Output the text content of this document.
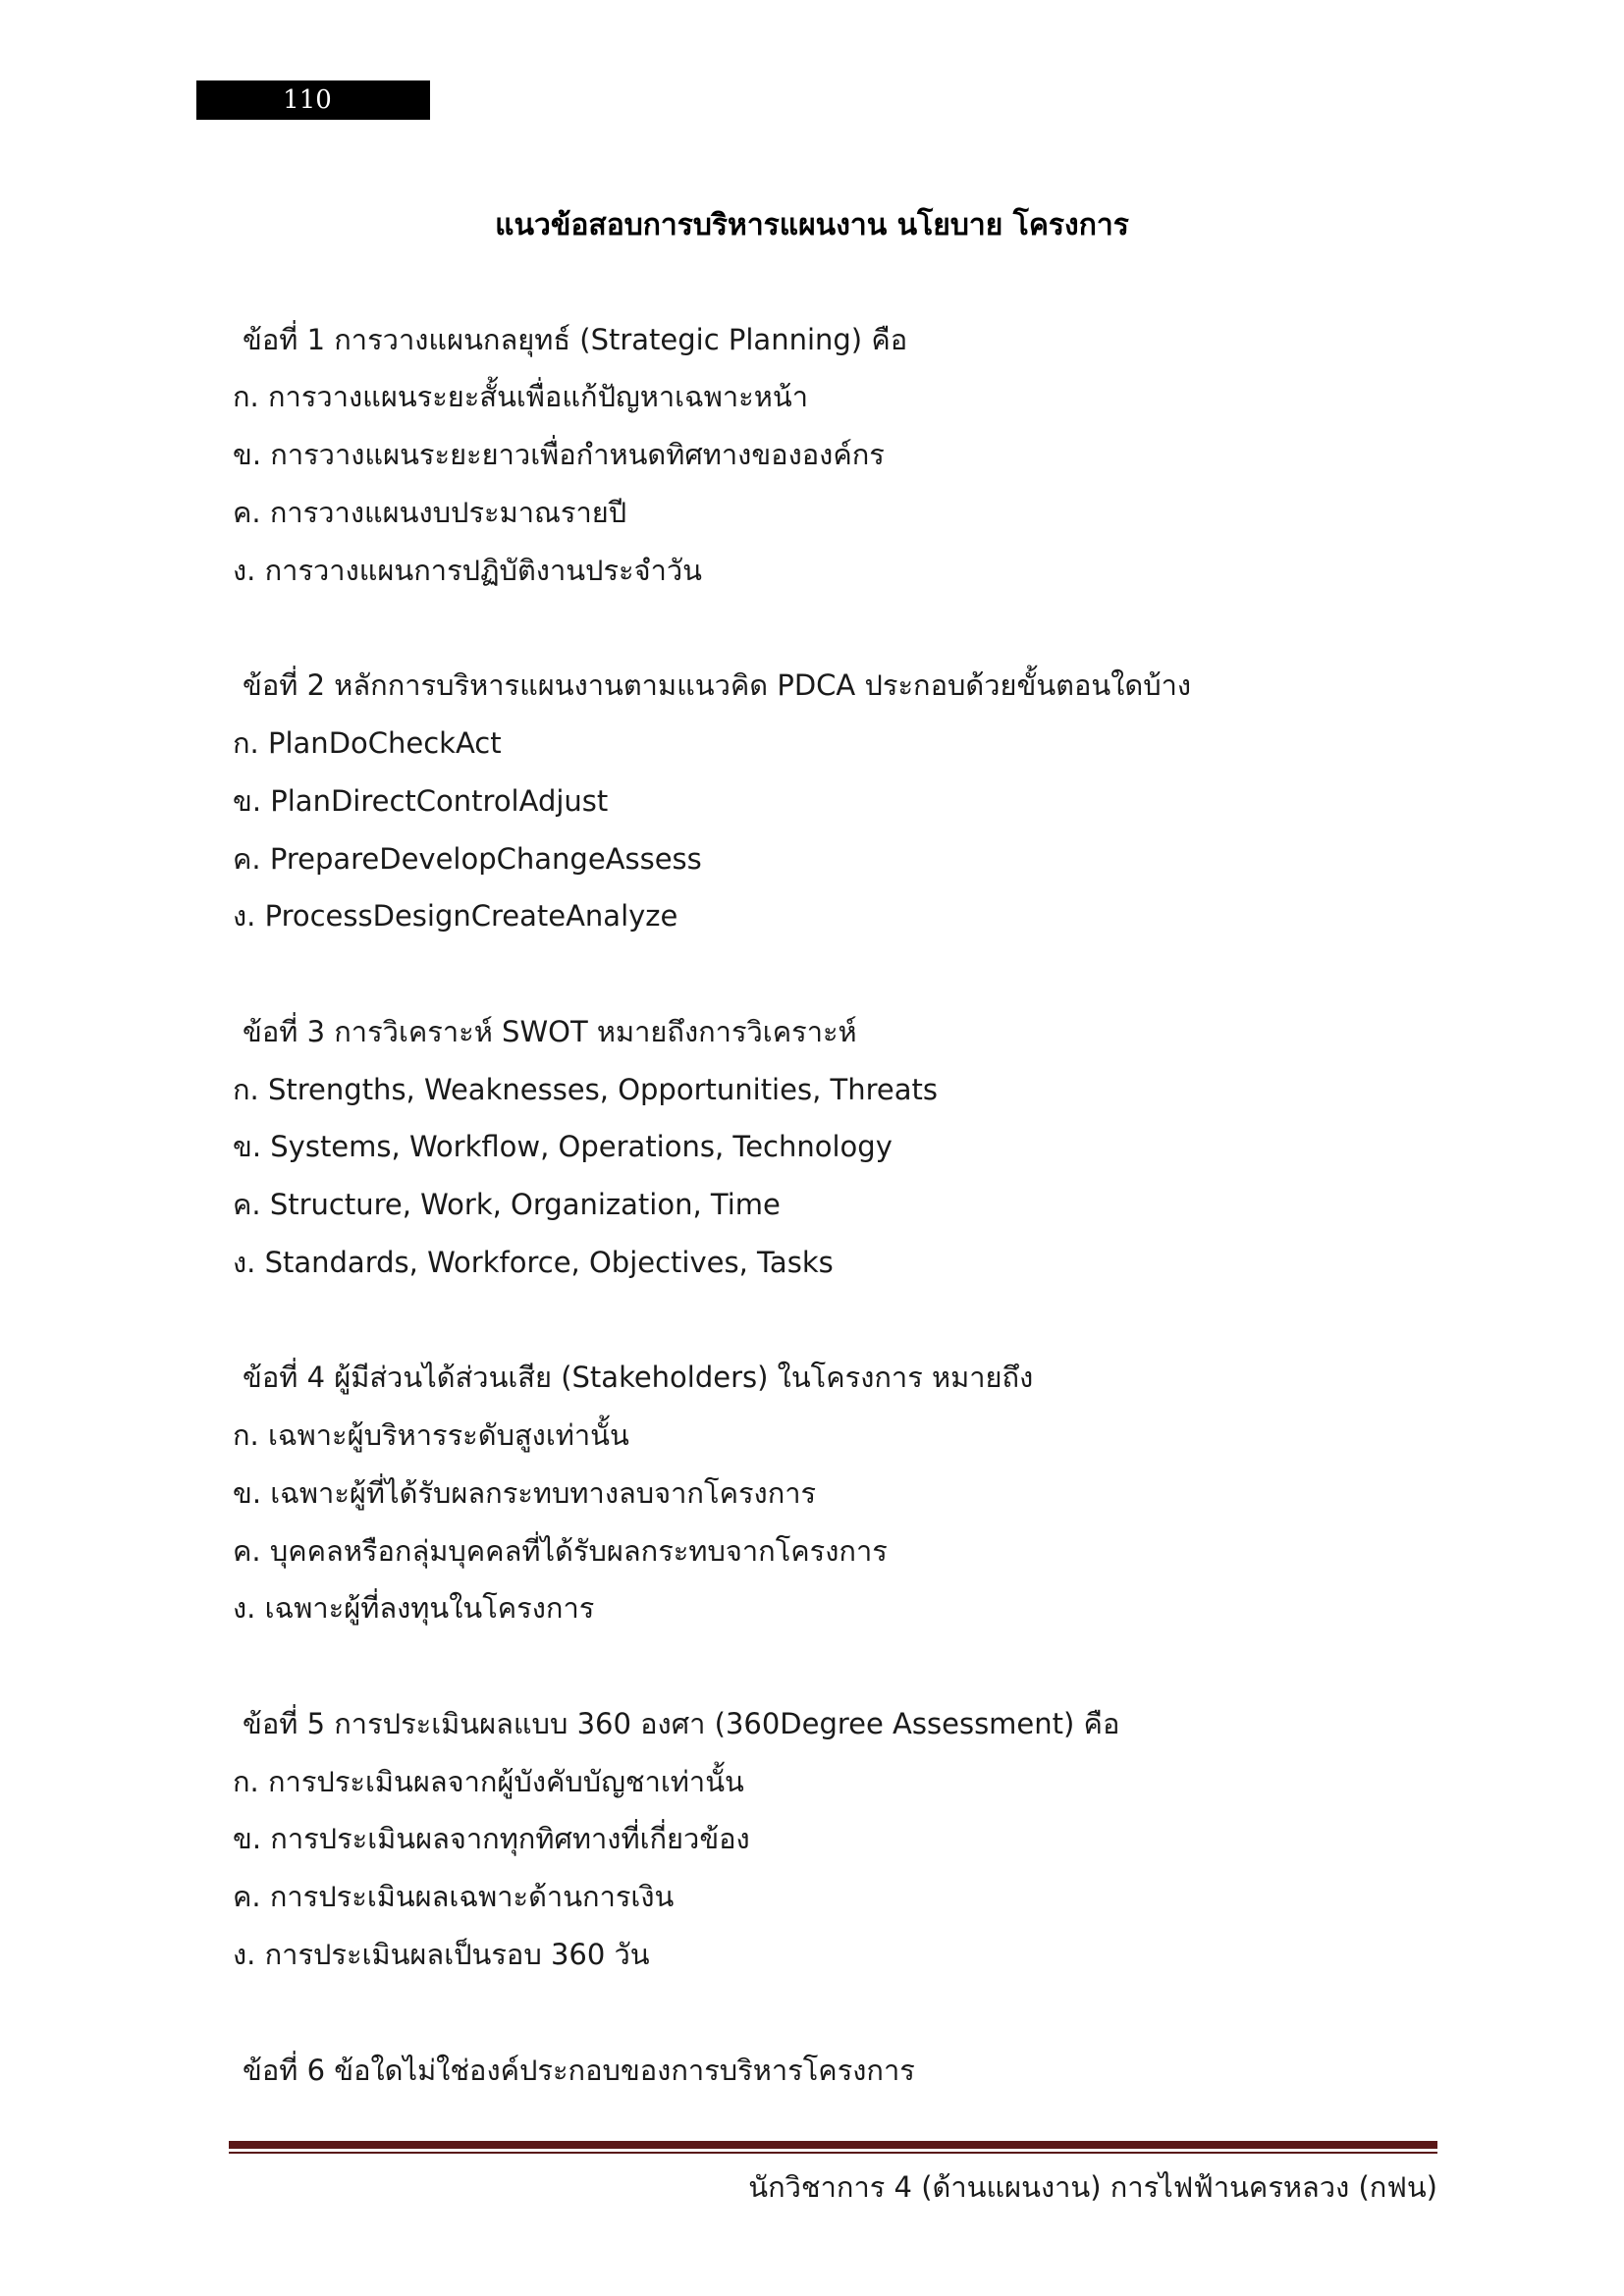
110
แนวข้อสอบการบริหารแผนงาน นโยบาย โครงการ
ข้อที่ 1 การวางแผนกลยุทธ์ (Strategic Planning) คือ
ก. การวางแผนระยะสั้นเพื่อแก้ปัญหาเฉพาะหน้า
ข. การวางแผนระยะยาวเพื่อกำหนดทิศทางขององค์กร
ค. การวางแผนงบประมาณรายปี
ง. การวางแผนการปฏิบัติงานประจำวัน
ข้อที่ 2 หลักการบริหารแผนงานตามแนวคิด PDCA ประกอบด้วยขั้นตอนใดบ้าง
ก. PlanDoCheckAct
ข. PlanDirectControlAdjust
ค. PrepareDevelopChangeAssess
ง. ProcessDesignCreateAnalyze
ข้อที่ 3 การวิเคราะห์ SWOT หมายถึงการวิเคราะห์
ก. Strengths, Weaknesses, Opportunities, Threats
ข. Systems, Workflow, Operations, Technology
ค. Structure, Work, Organization, Time
ง. Standards, Workforce, Objectives, Tasks
ข้อที่ 4 ผู้มีส่วนได้ส่วนเสีย (Stakeholders) ในโครงการ หมายถึง
ก. เฉพาะผู้บริหารระดับสูงเท่านั้น
ข. เฉพาะผู้ที่ได้รับผลกระทบทางลบจากโครงการ
ค. บุคคลหรือกลุ่มบุคคลที่ได้รับผลกระทบจากโครงการ
ง. เฉพาะผู้ที่ลงทุนในโครงการ
ข้อที่ 5 การประเมินผลแบบ 360 องศา (360Degree Assessment) คือ
ก. การประเมินผลจากผู้บังคับบัญชาเท่านั้น
ข. การประเมินผลจากทุกทิศทางที่เกี่ยวข้อง
ค. การประเมินผลเฉพาะด้านการเงิน
ง. การประเมินผลเป็นรอบ 360 วัน
ข้อที่ 6 ข้อใดไม่ใช่องค์ประกอบของการบริหารโครงการ
นักวิชาการ 4 (ด้านแผนงาน) การไฟฟ้านครหลวง (กฟน)
